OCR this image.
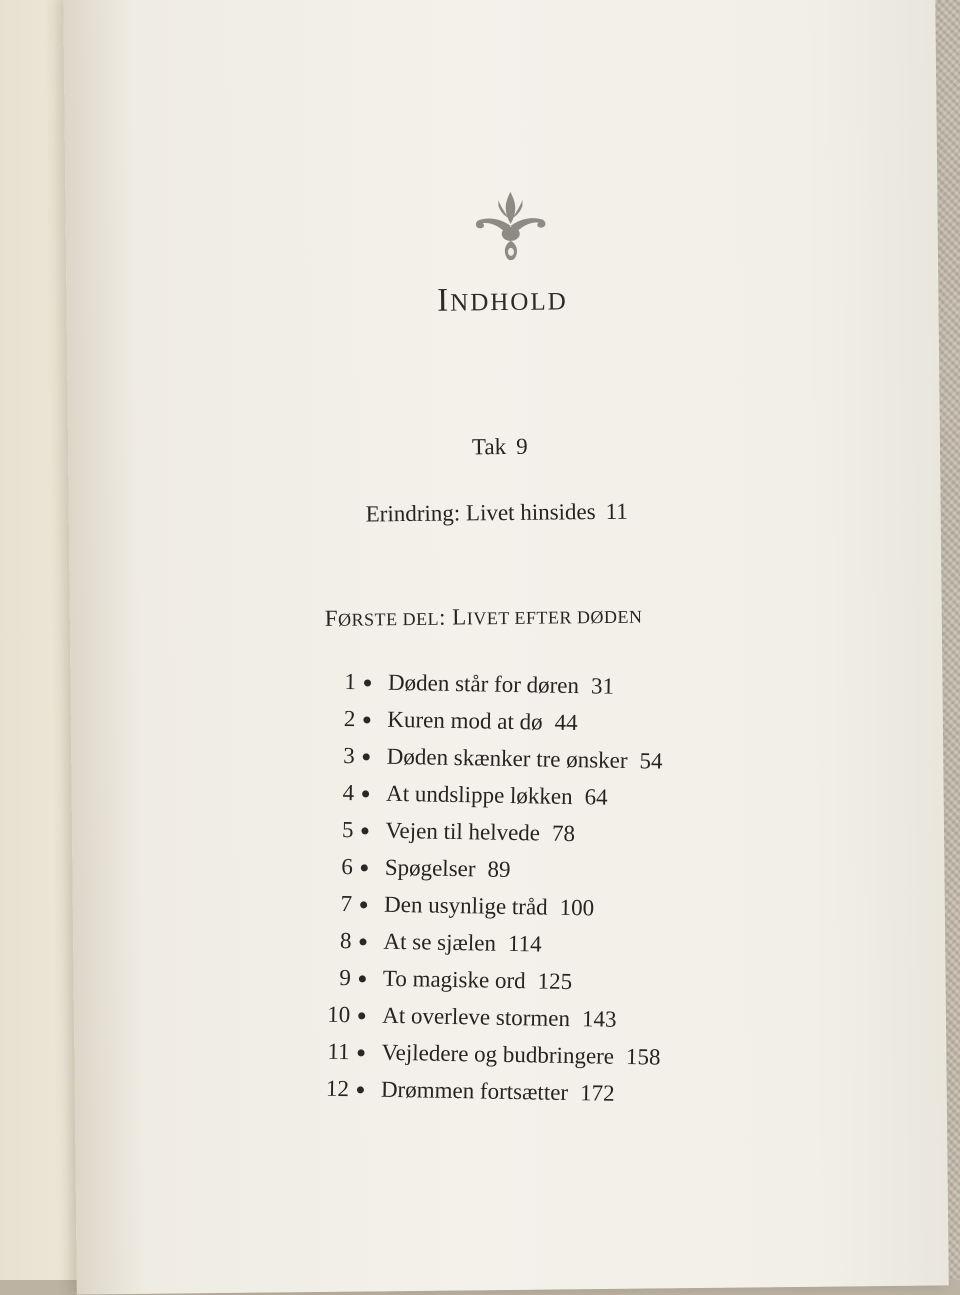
INDHOLD
Tak 9
Erindring: Livet hinsides 11
FØRSTE DEL: LIVET EFTER DØDEN
1 Døden står for døren 31
2 Kuren mod at dø 44
3 Døden skænker tre ønsker 54
4 At undslippe løkken 64
5 Vejen til helvede 78
6 Spøgelser 89
7 Den usynlige tråd 100
8 At se sjælen 114
9 To magiske ord 125
10 At overleve stormen 143
11 Vejledere og budbringere 158
12 Drømmen fortsætter 172
